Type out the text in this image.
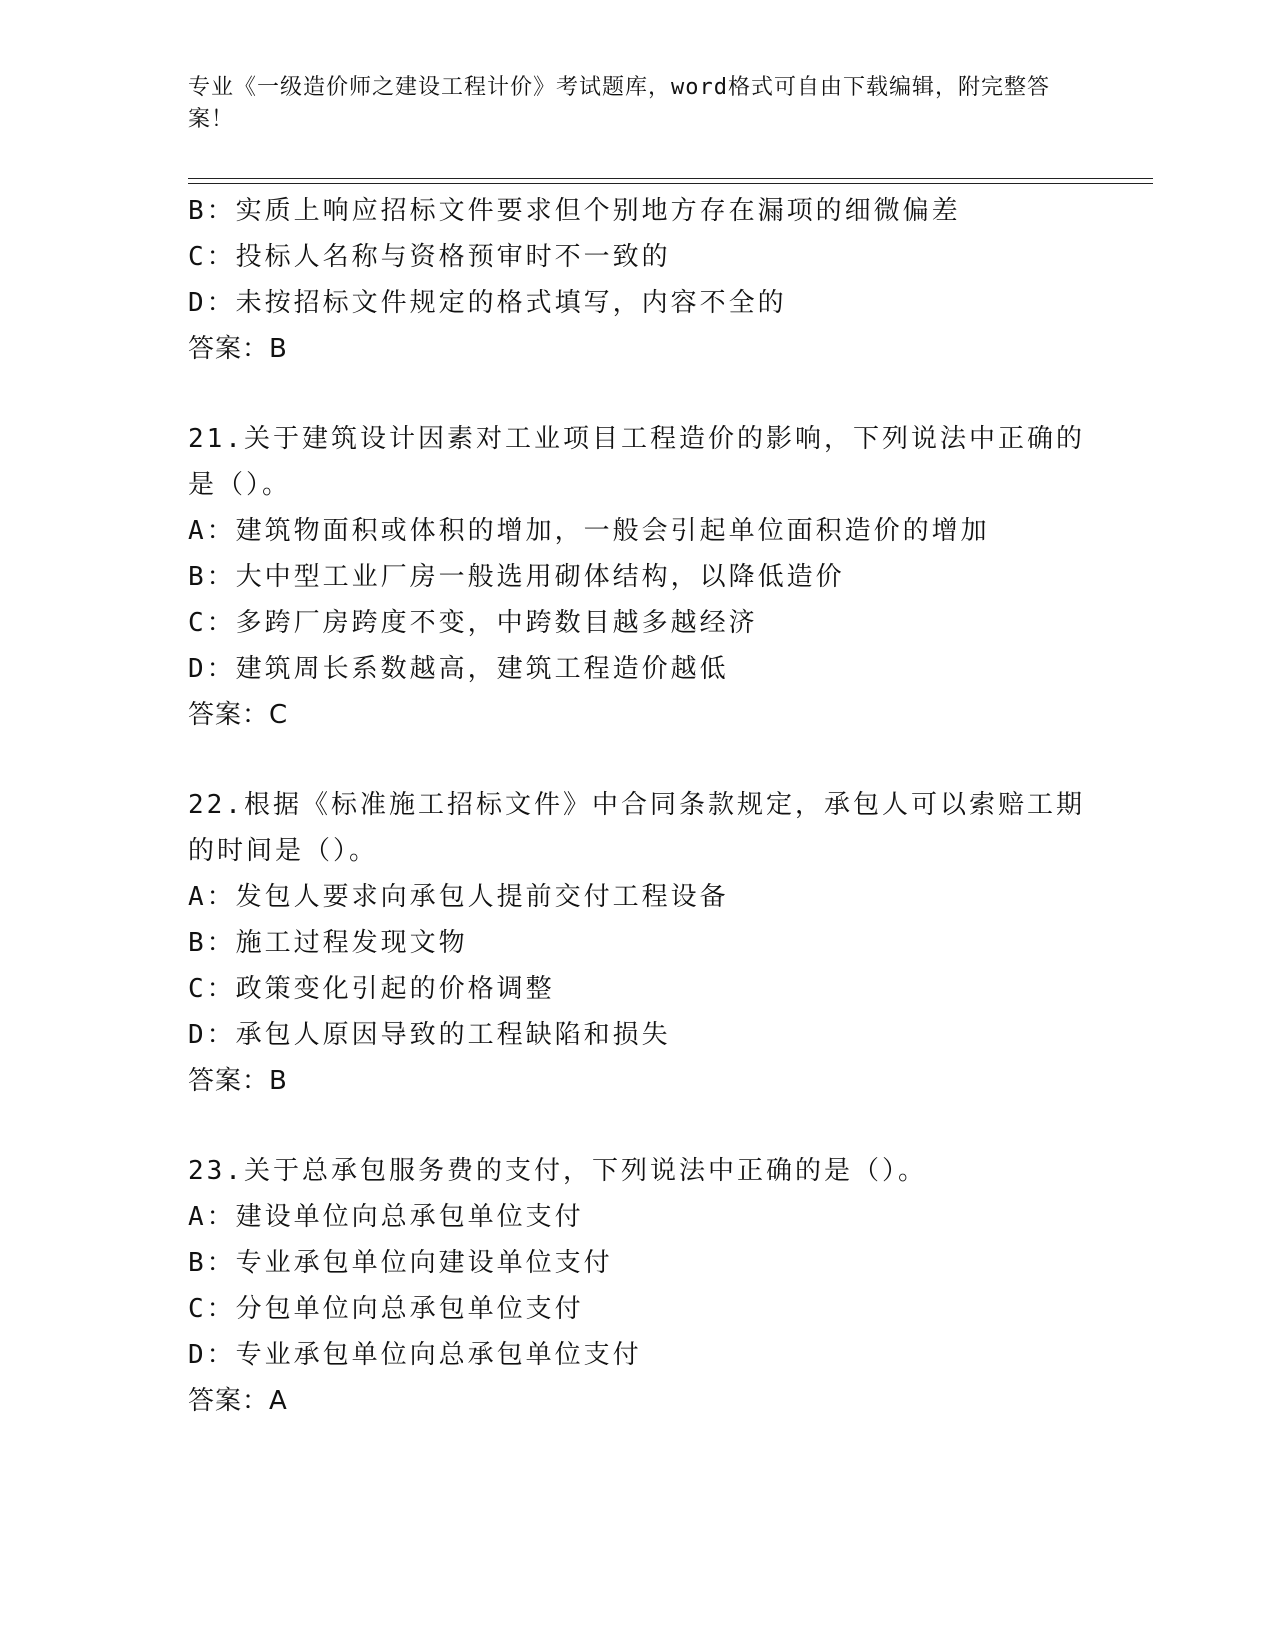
专业《一级造价师之建设工程计价》考试题库，word格式可自由下载编辑，附完整答案！
B：实质上响应招标文件要求但个别地方存在漏项的细微偏差
C：投标人名称与资格预审时不一致的
D：未按招标文件规定的格式填写，内容不全的
答案：B
21.关于建筑设计因素对工业项目工程造价的影响，下列说法中正确的是（）。
A：建筑物面积或体积的增加，一般会引起单位面积造价的增加
B：大中型工业厂房一般选用砌体结构，以降低造价
C：多跨厂房跨度不变，中跨数目越多越经济
D：建筑周长系数越高，建筑工程造价越低
答案：C
22.根据《标准施工招标文件》中合同条款规定，承包人可以索赔工期的时间是（）。
A：发包人要求向承包人提前交付工程设备
B：施工过程发现文物
C：政策变化引起的价格调整
D：承包人原因导致的工程缺陷和损失
答案：B
23.关于总承包服务费的支付，下列说法中正确的是（）。
A：建设单位向总承包单位支付
B：专业承包单位向建设单位支付
C：分包单位向总承包单位支付
D：专业承包单位向总承包单位支付
答案：A
